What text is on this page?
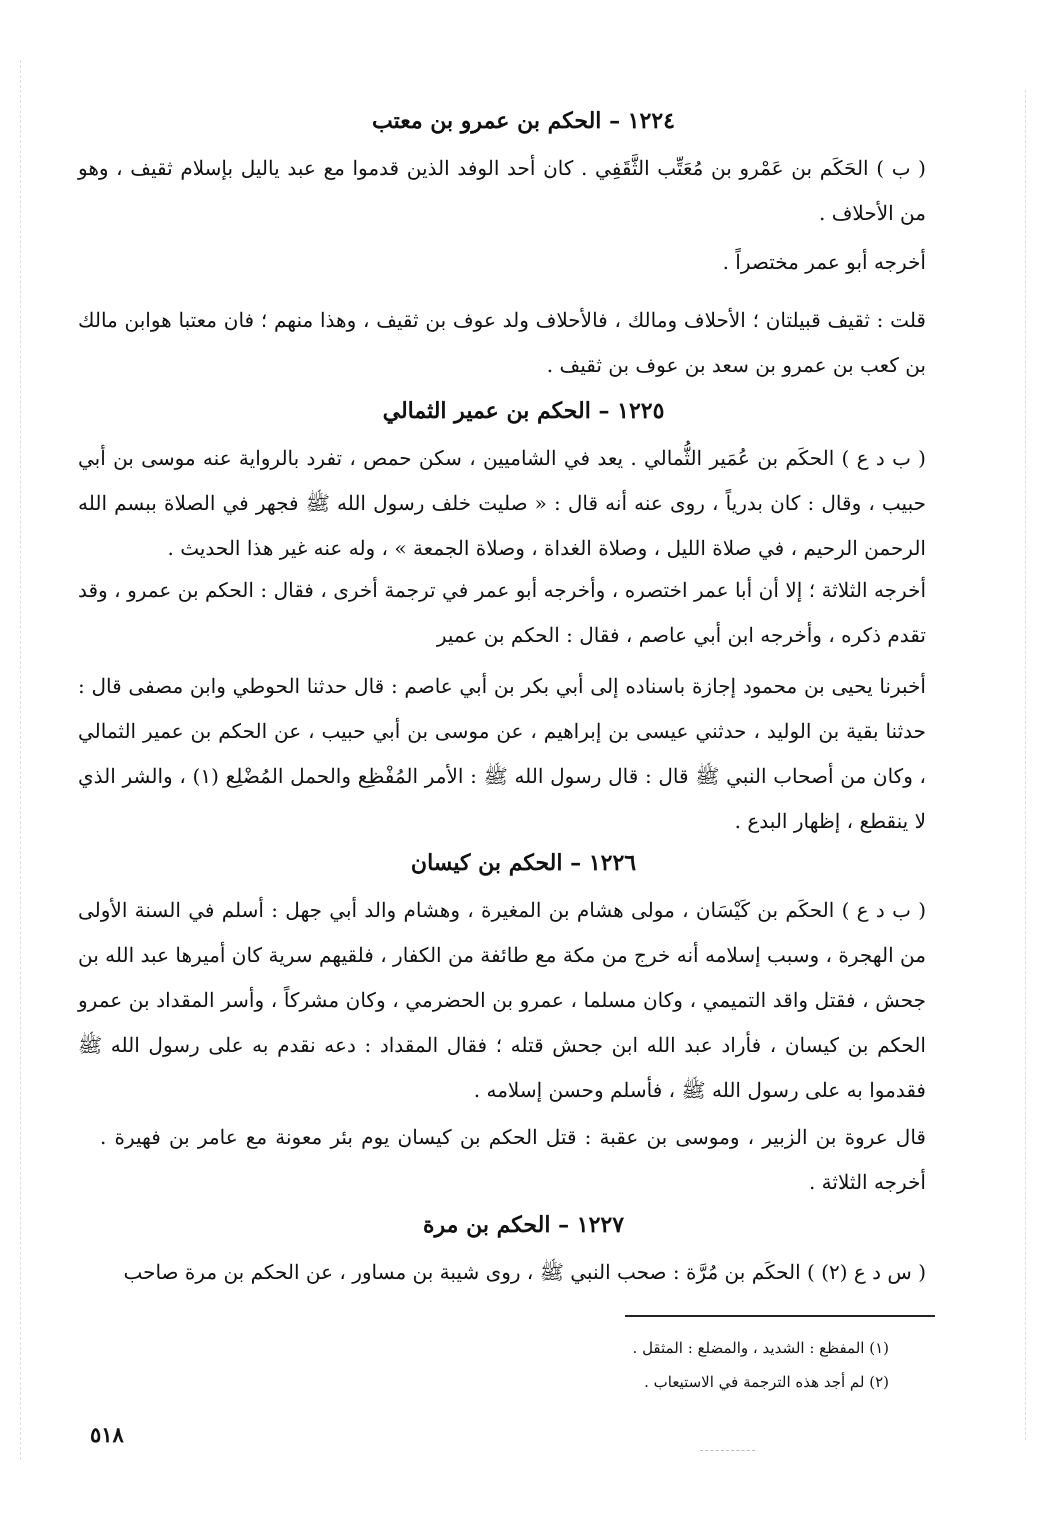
١٢٢٤ – الحكم بن عمرو بن معتب
( ب ) الحَكَم بن عَمْرو بن مُعَتِّب الثَّقَفِي . كان أحد الوفد الذين قدموا مع عبد ياليل بإسلام ثقيف ، وهو من الأحلاف .
أخرجه أبو عمر مختصراً .
قلت : ثقيف قبيلتان ؛ الأحلاف ومالك ، فالأحلاف ولد عوف بن ثقيف ، وهذا منهم ؛ فان معتبا هوابن مالك بن كعب بن عمرو بن سعد بن عوف بن ثقيف .
١٢٢٥ – الحكم بن عمير الثمالي
( ب د ع ) الحكَم بن عُمَير الثُّمالي . يعد في الشاميين ، سكن حمص ، تفرد بالرواية عنه موسى بن أبي حبيب ، وقال : كان بدرياً ، روى عنه أنه قال : « صليت خلف رسول الله ﷺ فجهر في الصلاة ببسم الله الرحمن الرحيم ، في صلاة الليل ، وصلاة الغداة ، وصلاة الجمعة » ، وله عنه غير هذا الحديث .
أخرجه الثلاثة ؛ إلا أن أبا عمر اختصره ، وأخرجه أبو عمر في ترجمة أخرى ، فقال : الحكم بن عمرو ، وقد تقدم ذكره ، وأخرجه ابن أبي عاصم ، فقال : الحكم بن عمير
أخبرنا يحيى بن محمود إجازة باسناده إلى أبي بكر بن أبي عاصم : قال حدثنا الحوطي وابن مصفى قال : حدثنا بقية بن الوليد ، حدثني عيسى بن إبراهيم ، عن موسى بن أبي حبيب ، عن الحكم بن عمير الثمالي ، وكان من أصحاب النبي ﷺ قال : قال رسول الله ﷺ : الأمر المُفْظِع والحمل المُضْلِع (١) ، والشر الذي لا ينقطع ، إظهار البدع .
١٢٢٦ – الحكم بن كيسان
( ب د ع ) الحكَم بن كَيْسَان ، مولى هشام بن المغيرة ، وهشام والد أبي جهل : أسلم في السنة الأولى من الهجرة ، وسبب إسلامه أنه خرج من مكة مع طائفة من الكفار ، فلقيهم سرية كان أميرها عبد الله بن جحش ، فقتل واقد التميمي ، وكان مسلما ، عمرو بن الحضرمي ، وكان مشركاً ، وأسر المقداد بن عمرو الحكم بن كيسان ، فأراد عبد الله ابن جحش قتله ؛ فقال المقداد : دعه نقدم به على رسول الله ﷺ فقدموا به على رسول الله ﷺ ، فأسلم وحسن إسلامه .
قال عروة بن الزبير ، وموسى بن عقبة : قتل الحكم بن كيسان يوم بئر معونة مع عامر بن فهيرة . أخرجه الثلاثة .
١٢٢٧ – الحكم بن مرة
( س د ع (٢) ) الحكَم بن مُرَّة : صحب النبي ﷺ ، روى شيبة بن مساور ، عن الحكم بن مرة صاحب
(١) المفظع : الشديد ، والمضلع : المثقل .
(٢) لم أجد هذه الترجمة في الاستيعاب .
٥١٨
